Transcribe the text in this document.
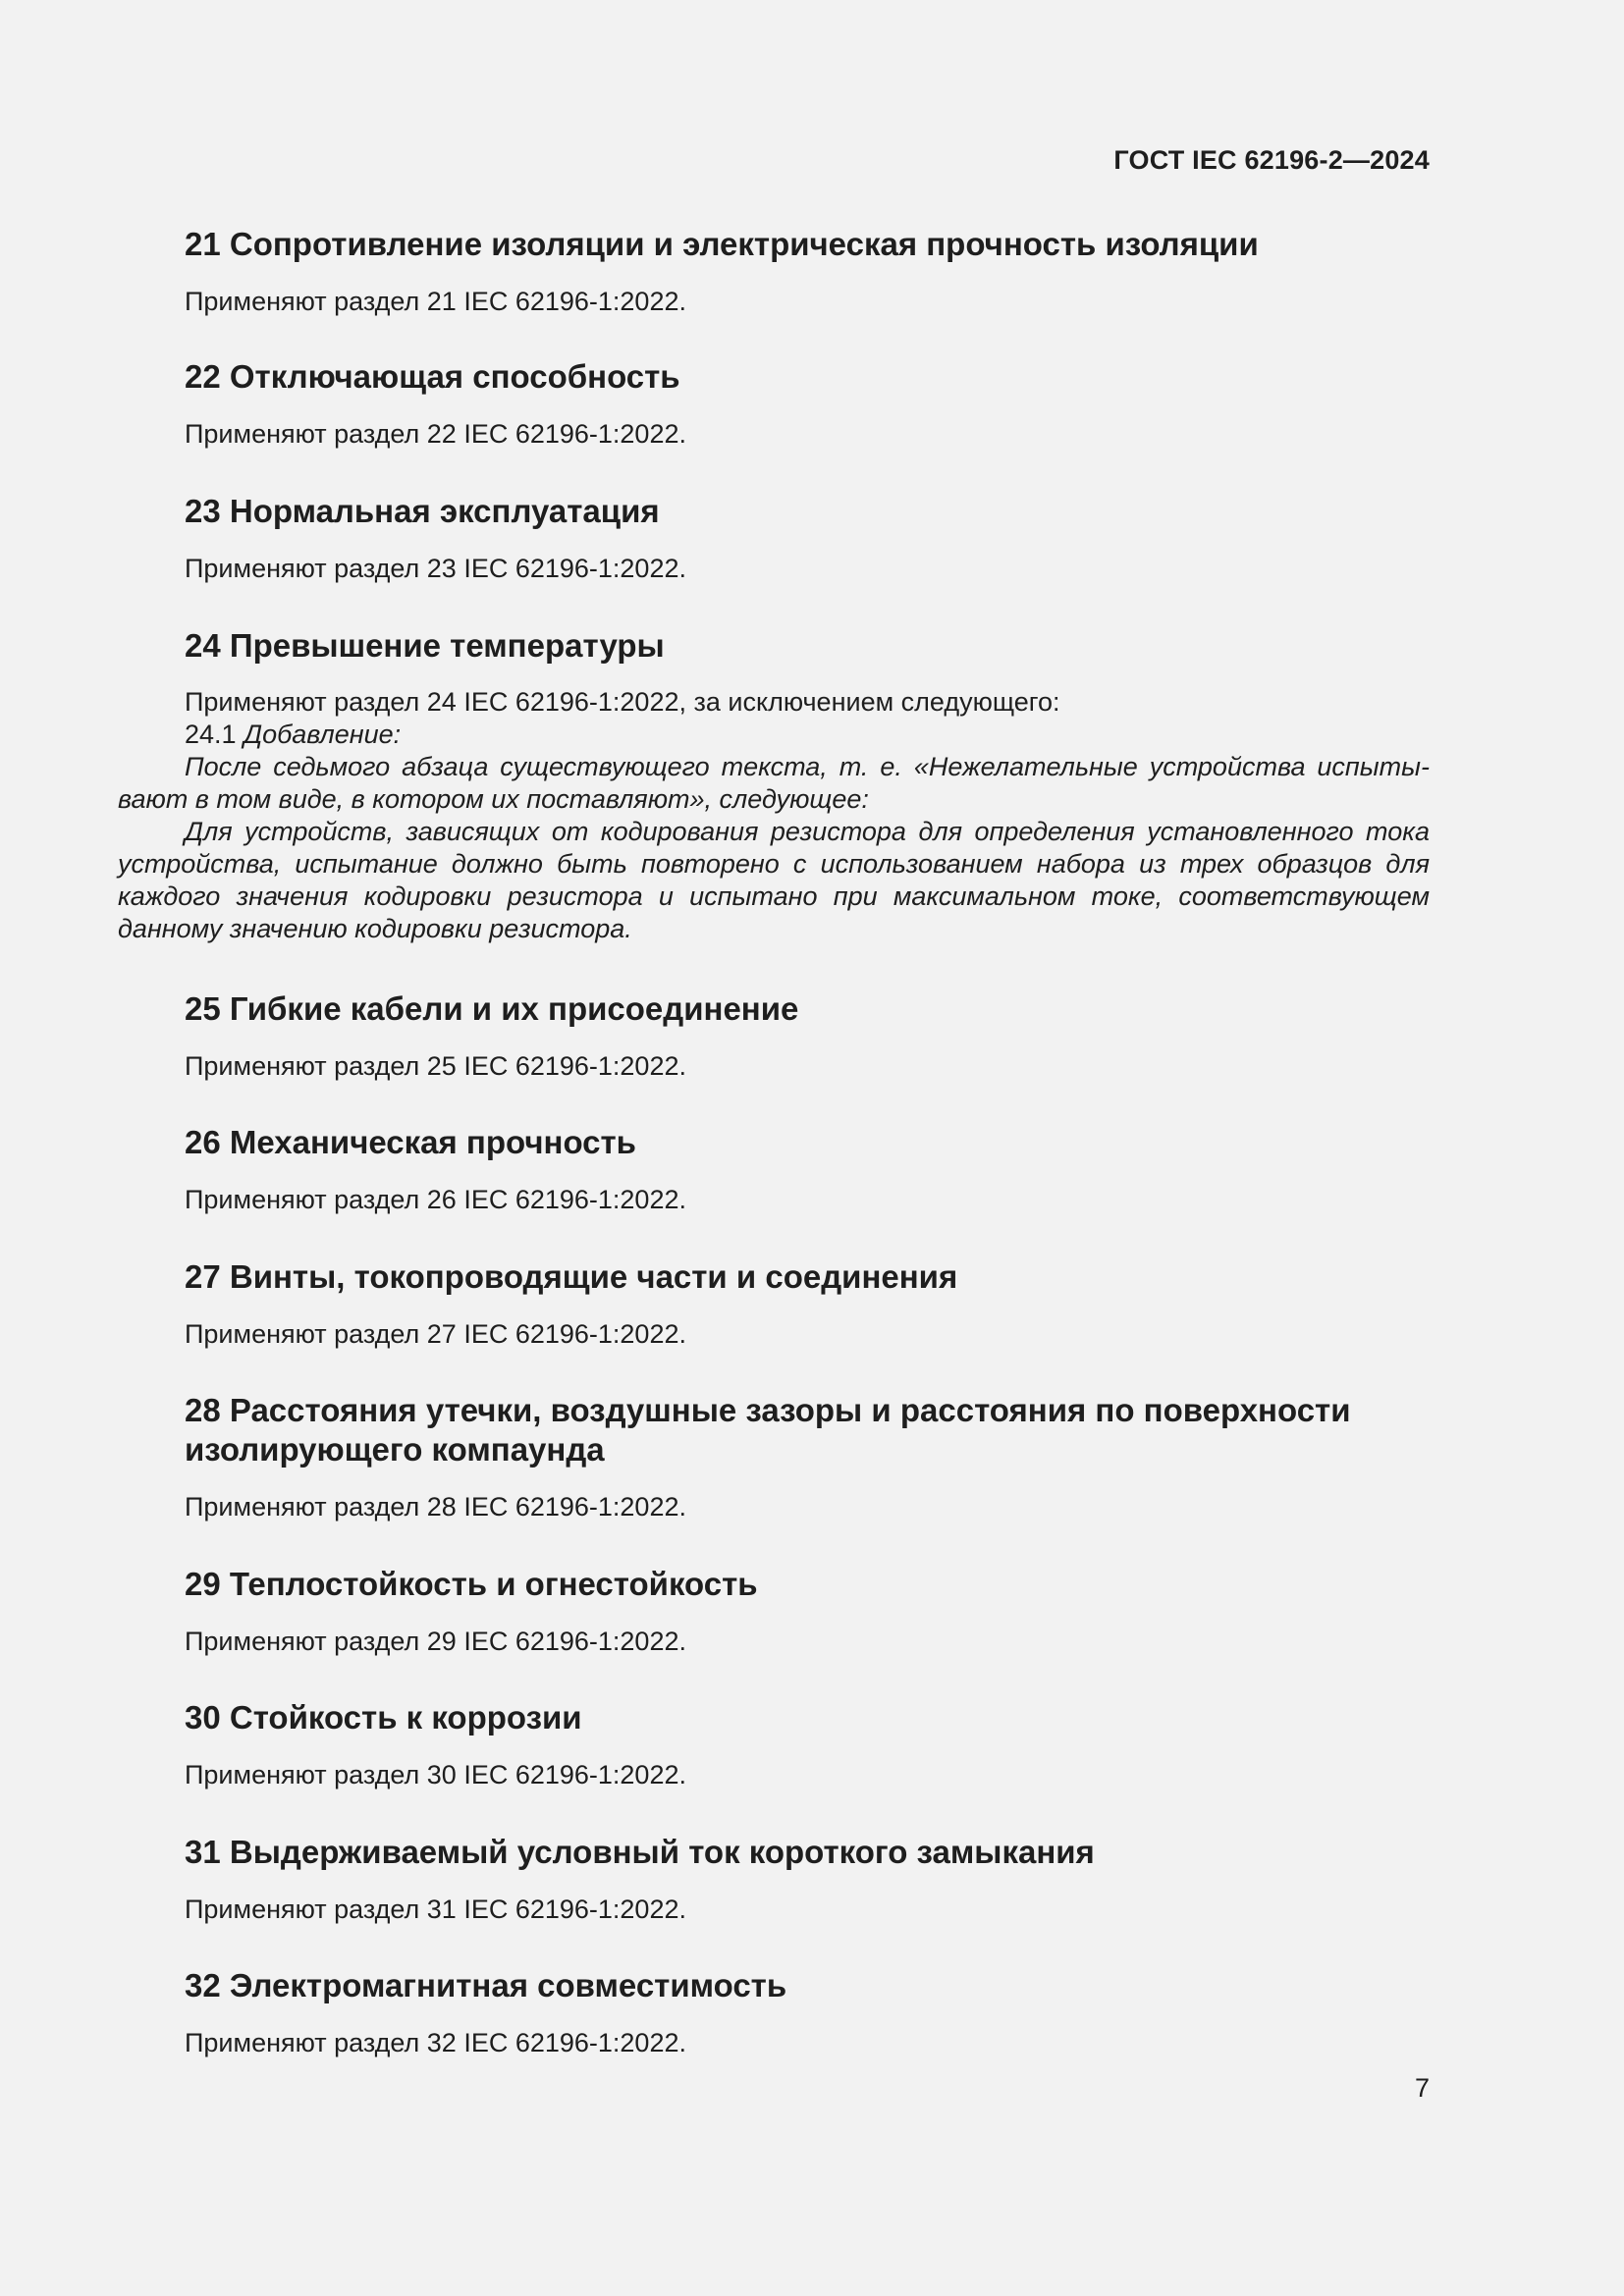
ГОСТ IEC 62196-2—2024
21 Сопротивление изоляции и электрическая прочность изоляции

Применяют раздел 21 IEC 62196-1:2022.

22 Отключающая способность

Применяют раздел 22 IEC 62196-1:2022.

23 Нормальная эксплуатация

Применяют раздел 23 IEC 62196-1:2022.

24 Превышение температуры

Применяют раздел 24 IEC 62196-1:2022, за исключением следующего:

24.1 Добавление:

После седьмого абзаца существующего текста, т. е. «Нежелательные устройства испыты-вают в том виде, в котором их поставляют», следующее:

Для устройств, зависящих от кодирования резистора для определения установленного тока устройства, испытание должно быть повторено с использованием набора из трех образцов для каждого значения кодировки резистора и испытано при максимальном токе, соответствующем данному значению кодировки резистора.

25 Гибкие кабели и их присоединение

Применяют раздел 25 IEC 62196-1:2022.

26 Механическая прочность

Применяют раздел 26 IEC 62196-1:2022.

27 Винты, токопроводящие части и соединения

Применяют раздел 27 IEC 62196-1:2022.

28 Расстояния утечки, воздушные зазоры и расстояния по поверхности изолирующего компаунда

Применяют раздел 28 IEC 62196-1:2022.

29 Теплостойкость и огнестойкость

Применяют раздел 29 IEC 62196-1:2022.

30 Стойкость к коррозии

Применяют раздел 30 IEC 62196-1:2022.

31 Выдерживаемый условный ток короткого замыкания

Применяют раздел 31 IEC 62196-1:2022.

32 Электромагнитная совместимость

Применяют раздел 32 IEC 62196-1:2022.

7
